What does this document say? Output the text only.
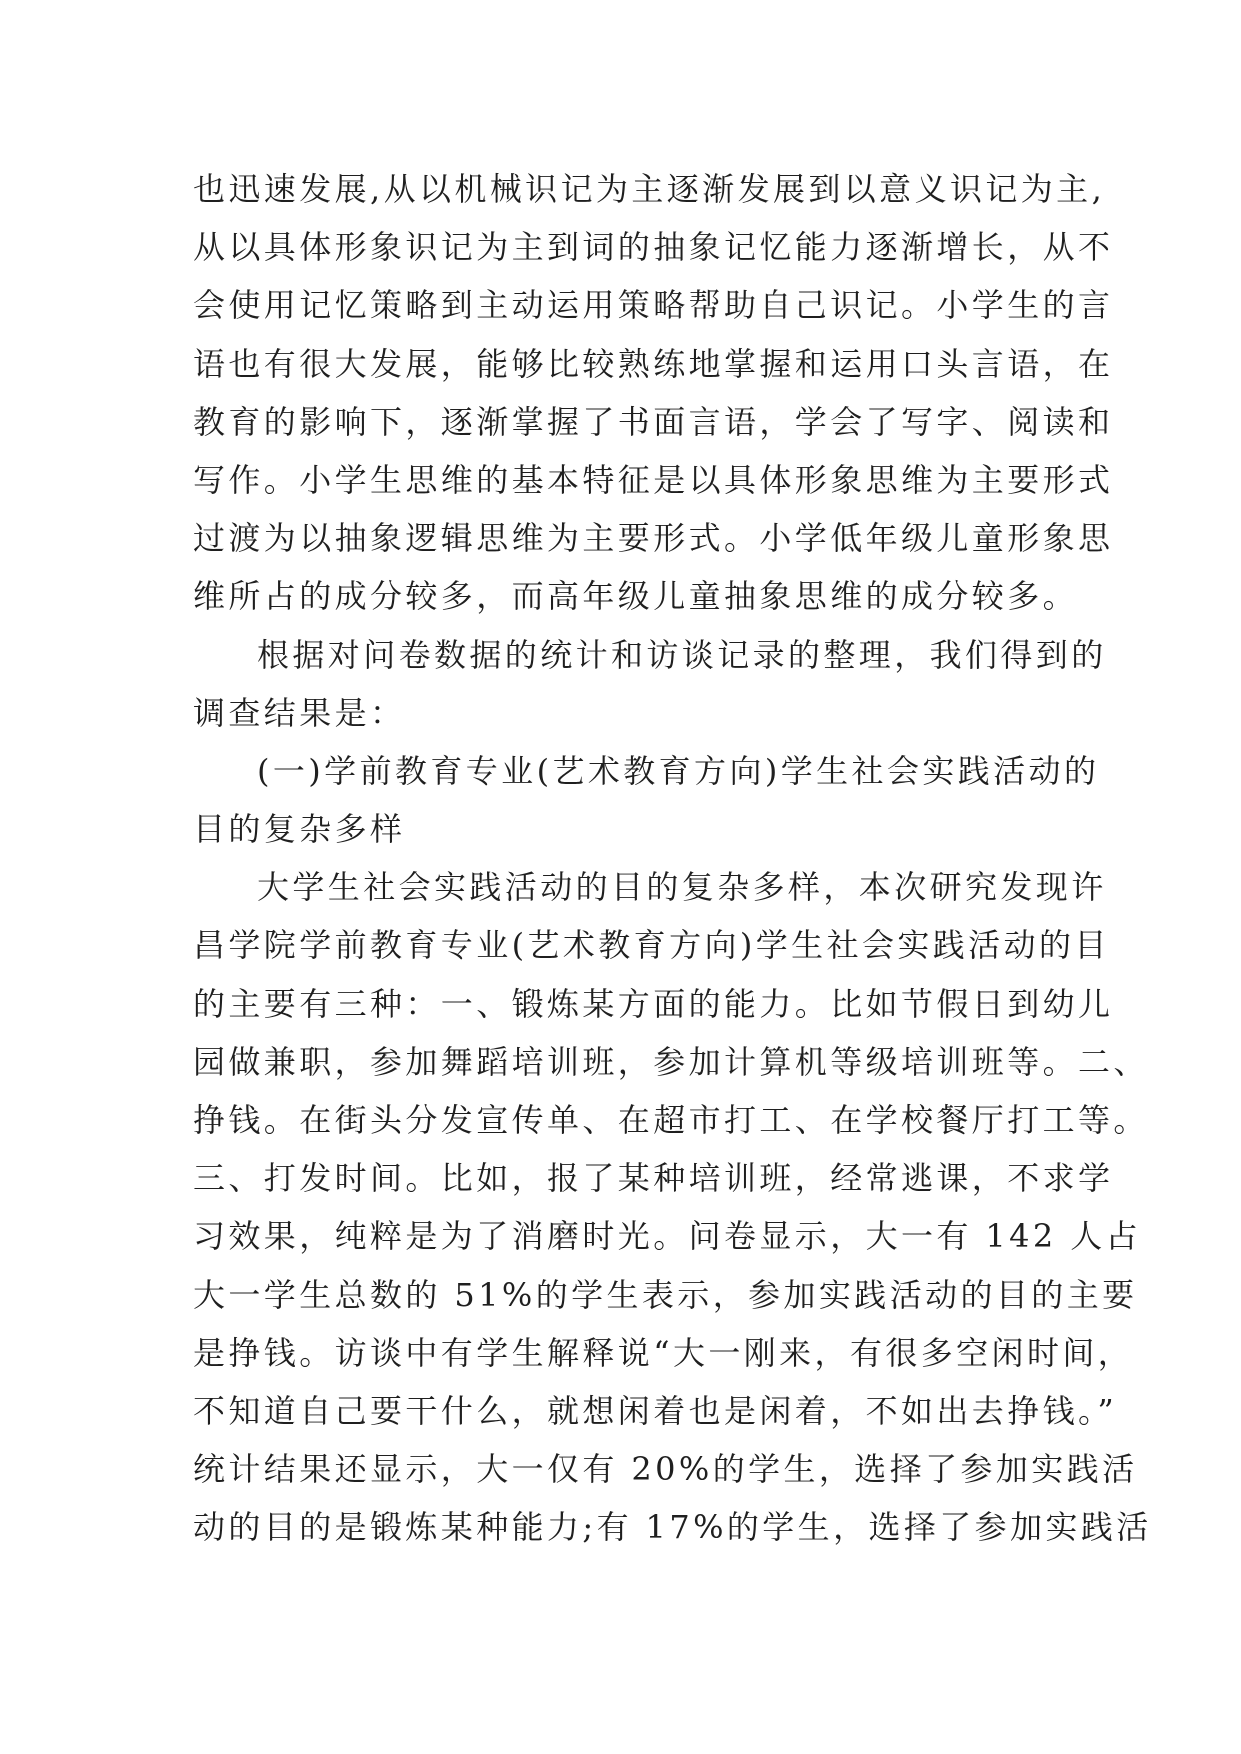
也迅速发展,从以机械识记为主逐渐发展到以意义识记为主,
从以具体形象识记为主到词的抽象记忆能力逐渐增长，从不
会使用记忆策略到主动运用策略帮助自己识记。小学生的言
语也有很大发展，能够比较熟练地掌握和运用口头言语，在
教育的影响下，逐渐掌握了书面言语，学会了写字、阅读和
写作。小学生思维的基本特征是以具体形象思维为主要形式
过渡为以抽象逻辑思维为主要形式。小学低年级儿童形象思
维所占的成分较多，而高年级儿童抽象思维的成分较多。
根据对问卷数据的统计和访谈记录的整理，我们得到的
调查结果是：
(一)学前教育专业(艺术教育方向)学生社会实践活动的
目的复杂多样
大学生社会实践活动的目的复杂多样，本次研究发现许
昌学院学前教育专业(艺术教育方向)学生社会实践活动的目
的主要有三种：一、锻炼某方面的能力。比如节假日到幼儿
园做兼职，参加舞蹈培训班，参加计算机等级培训班等。二、
挣钱。在街头分发宣传单、在超市打工、在学校餐厅打工等。
三、打发时间。比如，报了某种培训班，经常逃课，不求学
习效果，纯粹是为了消磨时光。问卷显示，大一有 142 人占
大一学生总数的 51%的学生表示，参加实践活动的目的主要
是挣钱。访谈中有学生解释说“大一刚来，有很多空闲时间，
不知道自己要干什么，就想闲着也是闲着，不如出去挣钱。”
统计结果还显示，大一仅有 20%的学生，选择了参加实践活
动的目的是锻炼某种能力;有 17%的学生，选择了参加实践活
